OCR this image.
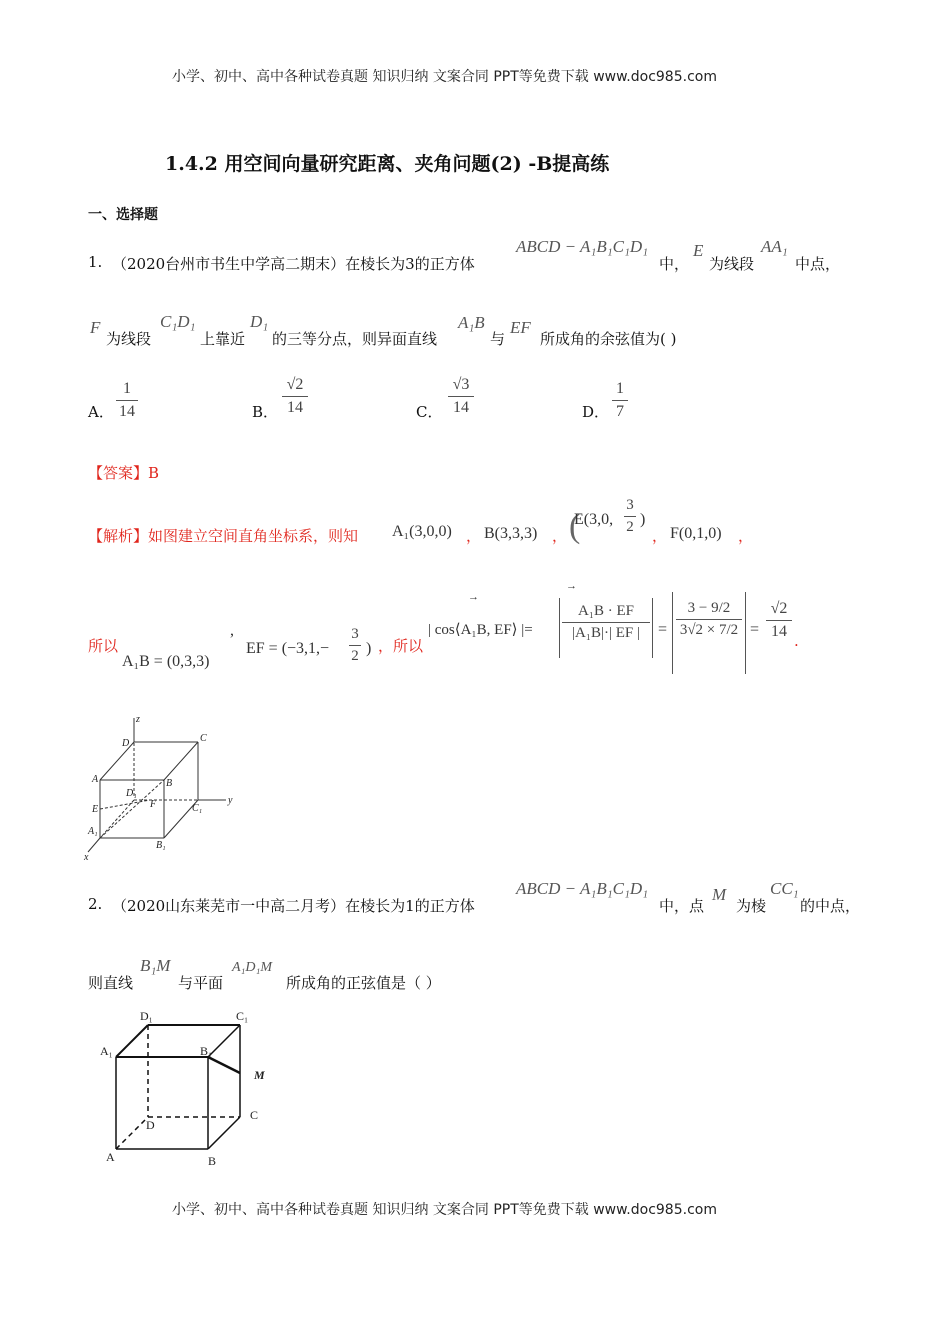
小学、初中、高中各种试卷真题 知识归纳 文案合同 PPT等免费下载 www.doc985.com
1.4.2 用空间向量研究距离、夹角问题(2) -B提高练
一、选择题
1. （2020台州市书生中学高二期末）在棱长为3的正方体
ABCD − A₁B₁C₁D₁
中，
E
为线段
AA₁
中点，
F
为线段
C₁D₁
上靠近
D₁
的三等分点，则异面直线
A₁B
与
EF
所成角的余弦值为( )
A．
1
14	B．
√2
14	C．
√3
14	D．
1
7
【答案】B
【解析】如图建立空间直角坐标系，则知 A₁(3,0,0) ， B(3,3,3) ， (
E(3,0,
3
2 )
， F(0,1,0) ，
所以
A₁B = (0,3,3)
,
EF = (−3,1,−
3
2 ) ，所以
| cos⟨A₁B, EF⟩ |=
→
→
A₁B · EF
|A₁B|·| EF |	=
3 − 9/2
3√2 × 7/2 =
√2
14
.
z
D	C
A	B
D₁
F	C₁
y
E
A₁
B₁
x
2. （2020山东莱芜市一中高二月考）在棱长为1的正方体
ABCD − A₁B₁C₁D₁
中，点
M
为棱
CC₁
的中点，
则直线
B₁M
与平面
A₁D₁M
所成角的正弦值是（ ）
D₁	C₁
A₁	B₁
M
D
C
A	B
小学、初中、高中各种试卷真题 知识归纳 文案合同 PPT等免费下载 www.doc985.com
